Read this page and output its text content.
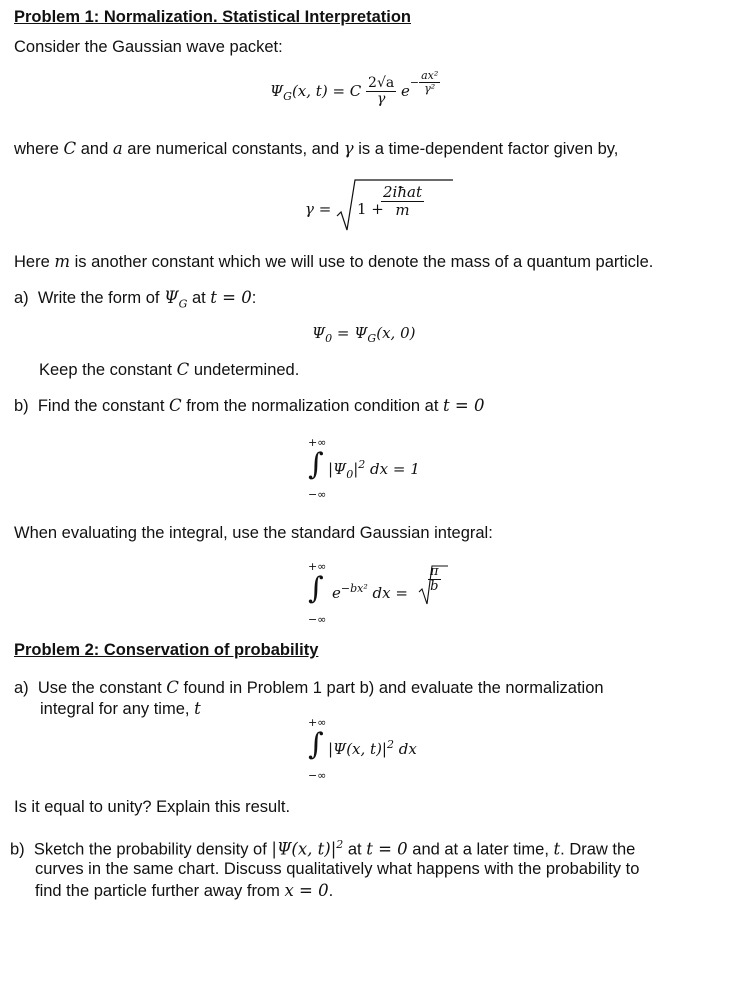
Problem 1: Normalization. Statistical Interpretation
Consider the Gaussian wave packet:
$\Psi_G(x$, t) = C $\frac{2√a}{\gamma} e^{- \frac{\text{ax²}}{\text{γ²}}}$
where C and a are numerical constants, and γ is a time-dependent factor given by,
γ = 1 +
2iħat
m
Here m is another constant which we will use to denote the mass of a quantum particle.
a) Write the form of $\Psi_G$ at t = 0:
$\Psi_0 = \Psi_G(x$, 0)
Keep the constant C undetermined.
b) Find the constant C from the normalization condition at t = 0
+∞
∫
−∞
$|\Psi_0|^2$ dx = 1
When evaluating the integral, use the standard Gaussian integral:
+∞
∫
−∞
$e^{-bx^2}$ dx = $\frac{\pi}{b}$
Problem 2: Conservation of probability
a) Use the constant C found in Problem 1 part b) and evaluate the normalization
integral for any time, t
+∞
∫
−∞
|Ψ(x, $t)|^2$ dx
Is it equal to unity? Explain this result.
b) Sketch the probability density of |Ψ(x, $t)|^2$ at t = 0 and at a later time, t. Draw the
curves in the same chart. Discuss qualitatively what happens with the probability to
find the particle further away from x = 0.
